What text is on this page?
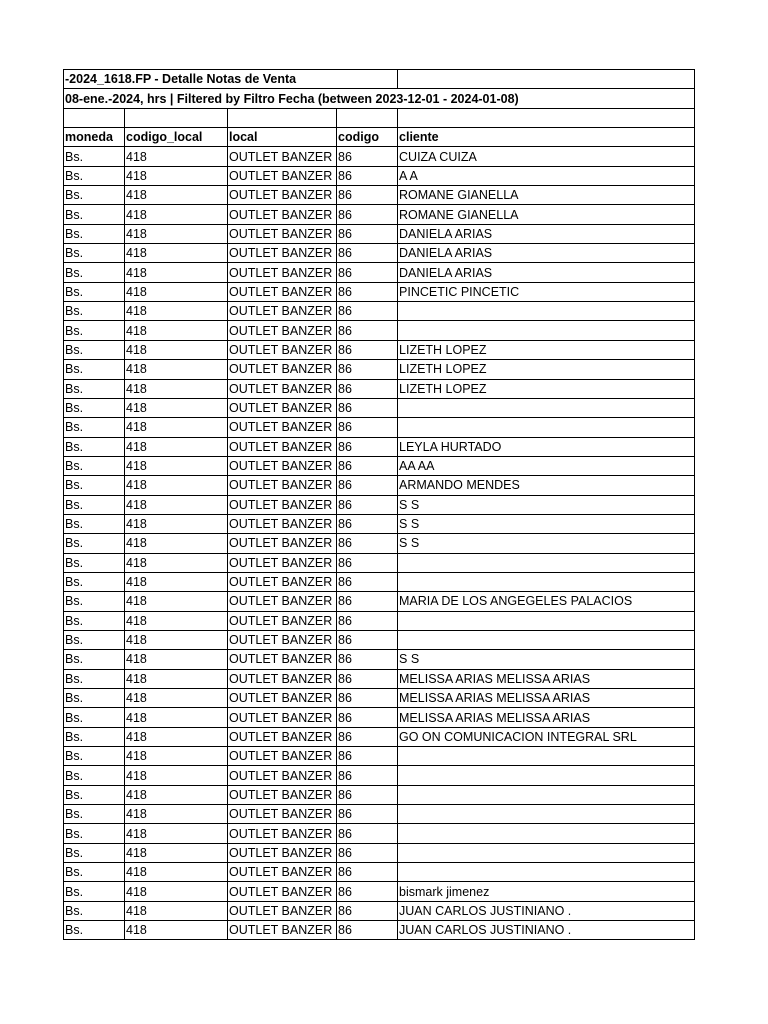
-2024_1618.FP - Detalle Notas de Venta				
08-ene.-2024, hrs | Filtered by Filtro Fecha (between 2023-12-01 - 2024-01-08)				

moneda	codigo_local	local	codigo	cliente
Bs.	418	OUTLET BANZER	86	CUIZA CUIZA
Bs.	418	OUTLET BANZER	86	A A
Bs.	418	OUTLET BANZER	86	ROMANE GIANELLA
Bs.	418	OUTLET BANZER	86	ROMANE GIANELLA
Bs.	418	OUTLET BANZER	86	DANIELA ARIAS
Bs.	418	OUTLET BANZER	86	DANIELA ARIAS
Bs.	418	OUTLET BANZER	86	DANIELA ARIAS
Bs.	418	OUTLET BANZER	86	PINCETIC PINCETIC
Bs.	418	OUTLET BANZER	86	
Bs.	418	OUTLET BANZER	86	
Bs.	418	OUTLET BANZER	86	LIZETH LOPEZ
Bs.	418	OUTLET BANZER	86	LIZETH LOPEZ
Bs.	418	OUTLET BANZER	86	LIZETH LOPEZ
Bs.	418	OUTLET BANZER	86	
Bs.	418	OUTLET BANZER	86	
Bs.	418	OUTLET BANZER	86	LEYLA HURTADO
Bs.	418	OUTLET BANZER	86	AA AA
Bs.	418	OUTLET BANZER	86	ARMANDO MENDES
Bs.	418	OUTLET BANZER	86	S S
Bs.	418	OUTLET BANZER	86	S S
Bs.	418	OUTLET BANZER	86	S S
Bs.	418	OUTLET BANZER	86	
Bs.	418	OUTLET BANZER	86	
Bs.	418	OUTLET BANZER	86	MARIA DE LOS ANGEGELES PALACIOS
Bs.	418	OUTLET BANZER	86	
Bs.	418	OUTLET BANZER	86	
Bs.	418	OUTLET BANZER	86	S S
Bs.	418	OUTLET BANZER	86	MELISSA ARIAS MELISSA ARIAS
Bs.	418	OUTLET BANZER	86	MELISSA ARIAS MELISSA ARIAS
Bs.	418	OUTLET BANZER	86	MELISSA ARIAS MELISSA ARIAS
Bs.	418	OUTLET BANZER	86	GO ON COMUNICACION INTEGRAL SRL
Bs.	418	OUTLET BANZER	86	
Bs.	418	OUTLET BANZER	86	
Bs.	418	OUTLET BANZER	86	
Bs.	418	OUTLET BANZER	86	
Bs.	418	OUTLET BANZER	86	
Bs.	418	OUTLET BANZER	86	
Bs.	418	OUTLET BANZER	86	
Bs.	418	OUTLET BANZER	86	bismark jimenez
Bs.	418	OUTLET BANZER	86	JUAN CARLOS JUSTINIANO .
Bs.	418	OUTLET BANZER	86	JUAN CARLOS JUSTINIANO .
